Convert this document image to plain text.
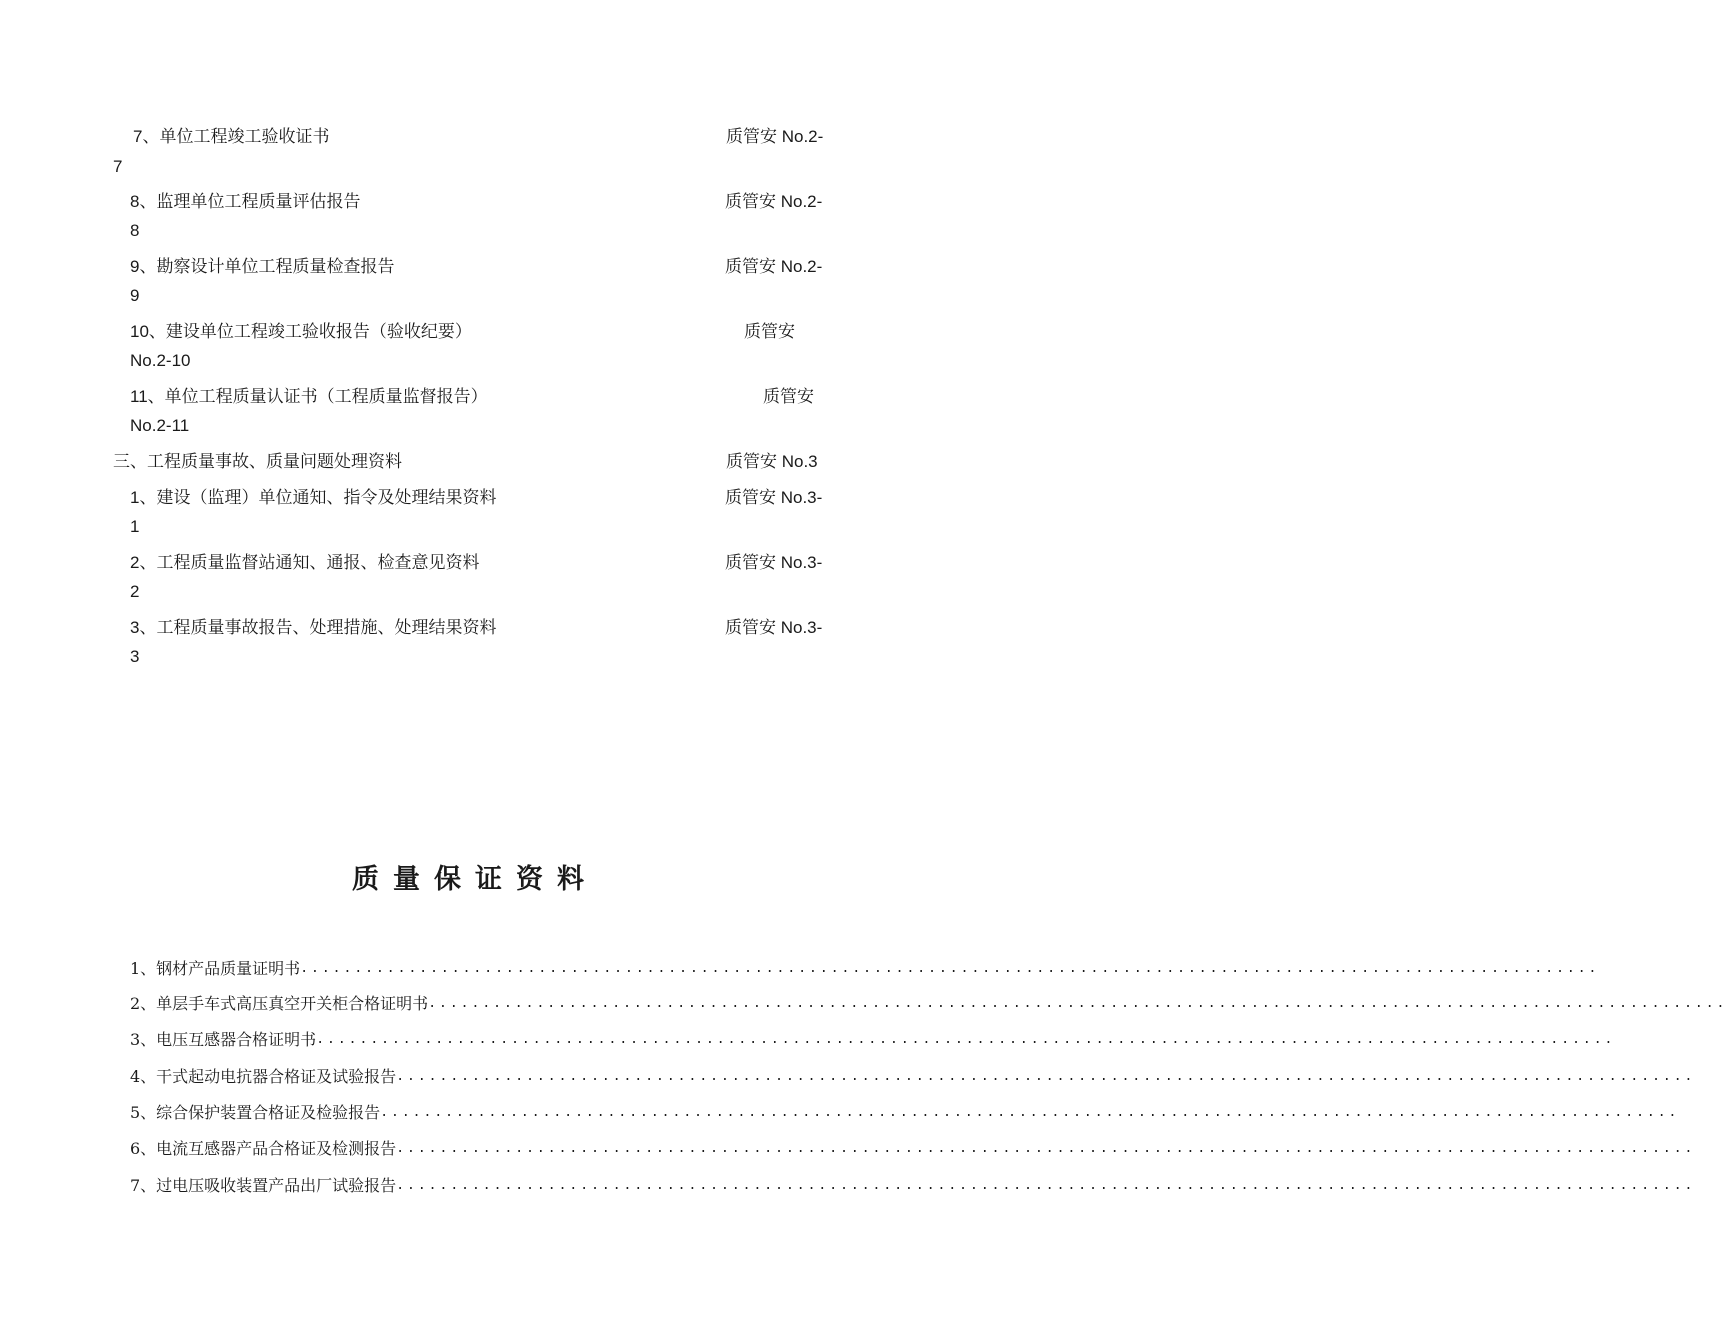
7、单位工程竣工验收证书	质管安 No.2-
7
8、监理单位工程质量评估报告	质管安 No.2-
8
9、勘察设计单位工程质量检查报告	质管安 No.2-
9
10、建设单位工程竣工验收报告（验收纪要）	质管安
No.2-10
11、单位工程质量认证书（工程质量监督报告）	质管安
No.2-11
三、工程质量事故、质量问题处理资料	质管安 No.3
1、建设（监理）单位通知、指令及处理结果资料	质管安 No.3-
1
2、工程质量监督站通知、通报、检查意见资料	质管安 No.3-
2
3、工程质量事故报告、处理措施、处理结果资料	质管安 No.3-
3
质量保证资料
1、钢材产品质量证明书 ........................................................................................................................
2、单层手车式高压真空开关柜合格证明书 ........................................................................................................................
3、电压互感器合格证明书 ........................................................................................................................
4、干式起动电抗器合格证及试验报告 ........................................................................................................................
5、综合保护装置合格证及检验报告 ........................................................................................................................
6、电流互感器产品合格证及检测报告 ........................................................................................................................
7、过电压吸收装置产品出厂试验报告 ........................................................................................................................
